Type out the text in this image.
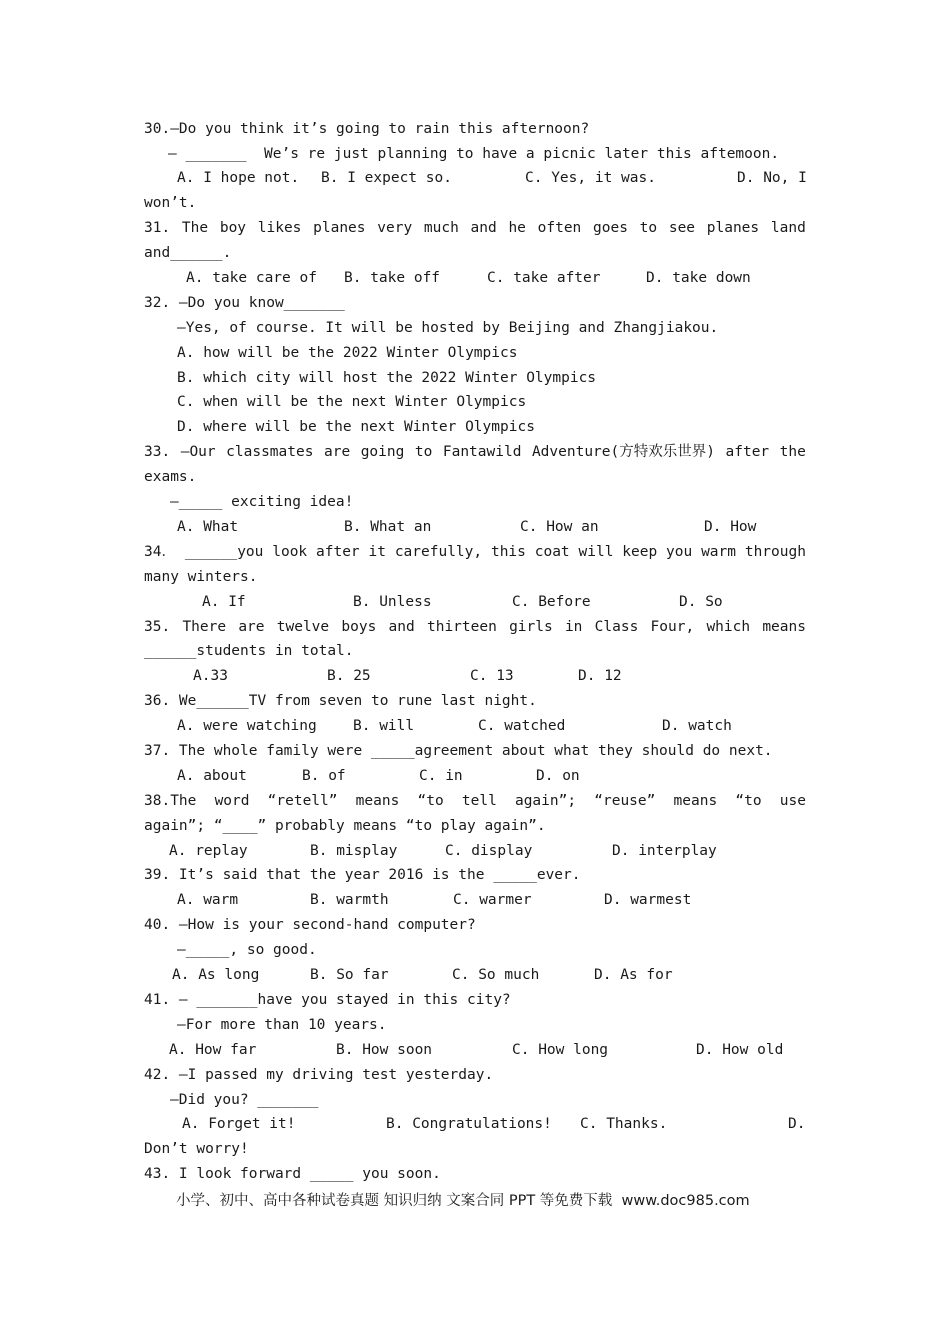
30.—Do you think it’s going to rain this afternoon?
— _______  We’s re just planning to have a picnic later this aftemoon.

A. I hope not.

B. I expect so.

	C. Yes, it was.

	D. No, I

won’t.
31. The boy likes planes very much and he often goes to see planes land
and______.

A. take care of

B. take off

	C. take after

	D. take down

32. —Do you know_______
—Yes, of course. It will be hosted by Beijing and Zhangjiakou.
A. how will be the 2022 Winter Olympics
B. which city will host the 2022 Winter Olympics
C. when will be the next Winter Olympics
D. where will be the next Winter Olympics
33. —Our classmates are going to Fantawild Adventure(方特欢乐世界) after the
exams.
—_____ exciting idea!

A. What

	B. What an

	C. How an

	D. How

34． ______you look after it carefully, this coat will keep you warm through
many winters.

A. If

	B. Unless

	C. Before

	D. So

35. There are twelve boys and thirteen girls in Class Four, which means
______students in total.

A.33

	B. 25

	C. 13

	D. 12

36. We______TV from seven to rune last night.

A. were watching

	B. will

	C. watched

	D. watch

37. The whole family were _____agreement about what they should do next.

A. about

	B. of

	C. in

	D. on

38.The word “retell” means “to tell again”; “reuse” means “to use
again”; “____” probably means “to play again”.

A. replay

	B. misplay

	C. display

	D. interplay

39. It’s said that the year 2016 is the _____ever.

A. warm

	B. warmth

	C. warmer

	D. warmest

40. —How is your second-hand computer?
—_____, so good.

A. As long

	B. So far

	C. So much

	D. As for

41. — _______have you stayed in this city?
—For more than 10 years.

A. How far

	B. How soon

	C. How long

	D. How old

42. —I passed my driving test yesterday.
—Did you? _______

A. Forget it!

	B. Congratulations!

C. Thanks.

	D.

Don’t worry!
43. I look forward _____ you soon.
小学、初中、高中各种试卷真题 知识归纳 文案合同 PPT 等免费下载  www.doc985.com
